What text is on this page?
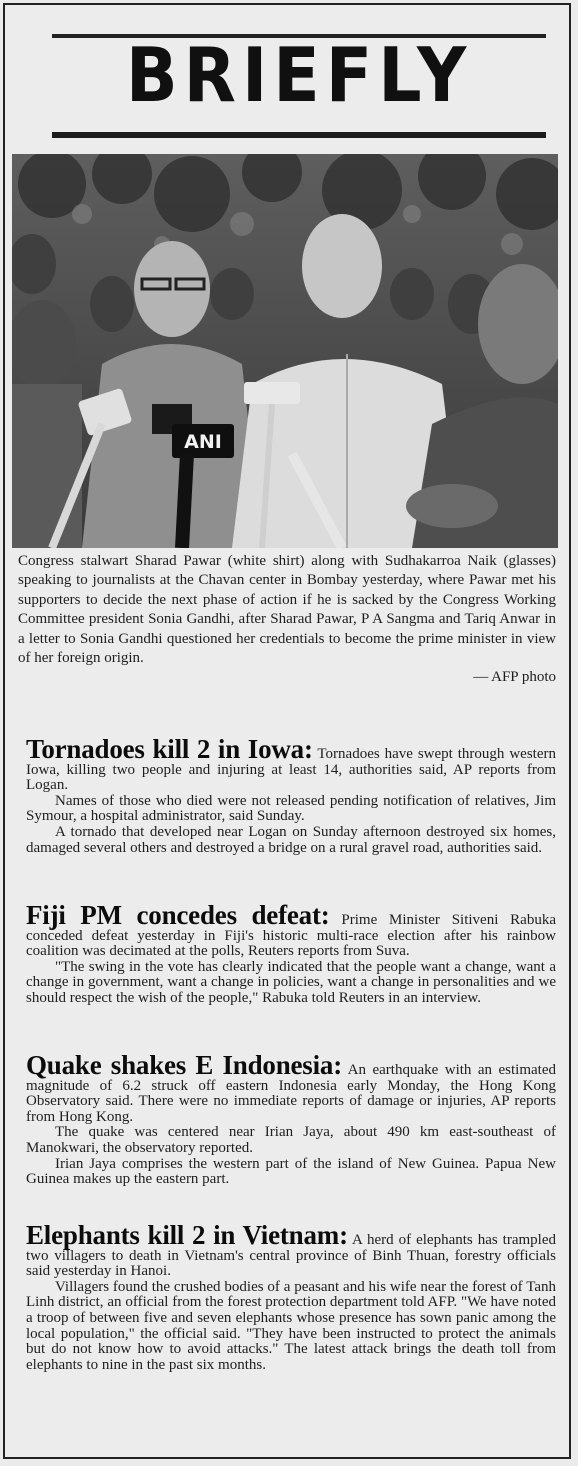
BRIEFLY
ANI

Congress stalwart Sharad Pawar (white shirt) along with Sudhakarroa Naik (glasses) speaking to journalists at the Chavan center in Bombay yesterday, where Pawar met his supporters to decide the next phase of action if he is sacked by the Congress Working Committee president Sonia Gandhi, after Sharad Pawar, P A Sangma and Tariq Anwar in a letter to Sonia Gandhi questioned her credentials to become the prime minister in view of her foreign origin.
— AFP photo

Tornadoes kill 2 in Iowa: Tornadoes have swept through western Iowa, killing two people and injuring at least 14, authorities said, AP reports from Logan.

Names of those who died were not released pending notification of relatives, Jim Symour, a hospital administrator, said Sunday.

A tornado that developed near Logan on Sunday afternoon destroyed six homes, damaged several others and destroyed a bridge on a rural gravel road, authorities said.

Fiji PM concedes defeat: Prime Minister Sitiveni Rabuka conceded defeat yesterday in Fiji's historic multi-race election after his rainbow coalition was decimated at the polls, Reuters reports from Suva.

"The swing in the vote has clearly indicated that the people want a change, want a change in government, want a change in policies, want a change in personalities and we should respect the wish of the people," Rabuka told Reuters in an interview.

Quake shakes E Indonesia: An earthquake with an estimated magnitude of 6.2 struck off eastern Indonesia early Monday, the Hong Kong Observatory said. There were no immediate reports of damage or injuries, AP reports from Hong Kong.

The quake was centered near Irian Jaya, about 490 km east-southeast of Manokwari, the observatory reported.

Irian Jaya comprises the western part of the island of New Guinea. Papua New Guinea makes up the eastern part.

Elephants kill 2 in Vietnam: A herd of elephants has trampled two villagers to death in Vietnam's central province of Binh Thuan, forestry officials said yesterday in Hanoi.

Villagers found the crushed bodies of a peasant and his wife near the forest of Tanh Linh district, an official from the forest protection department told AFP. "We have noted a troop of between five and seven elephants whose presence has sown panic among the local population," the official said. "They have been instructed to protect the animals but do not know how to avoid attacks." The latest attack brings the death toll from elephants to nine in the past six months.
